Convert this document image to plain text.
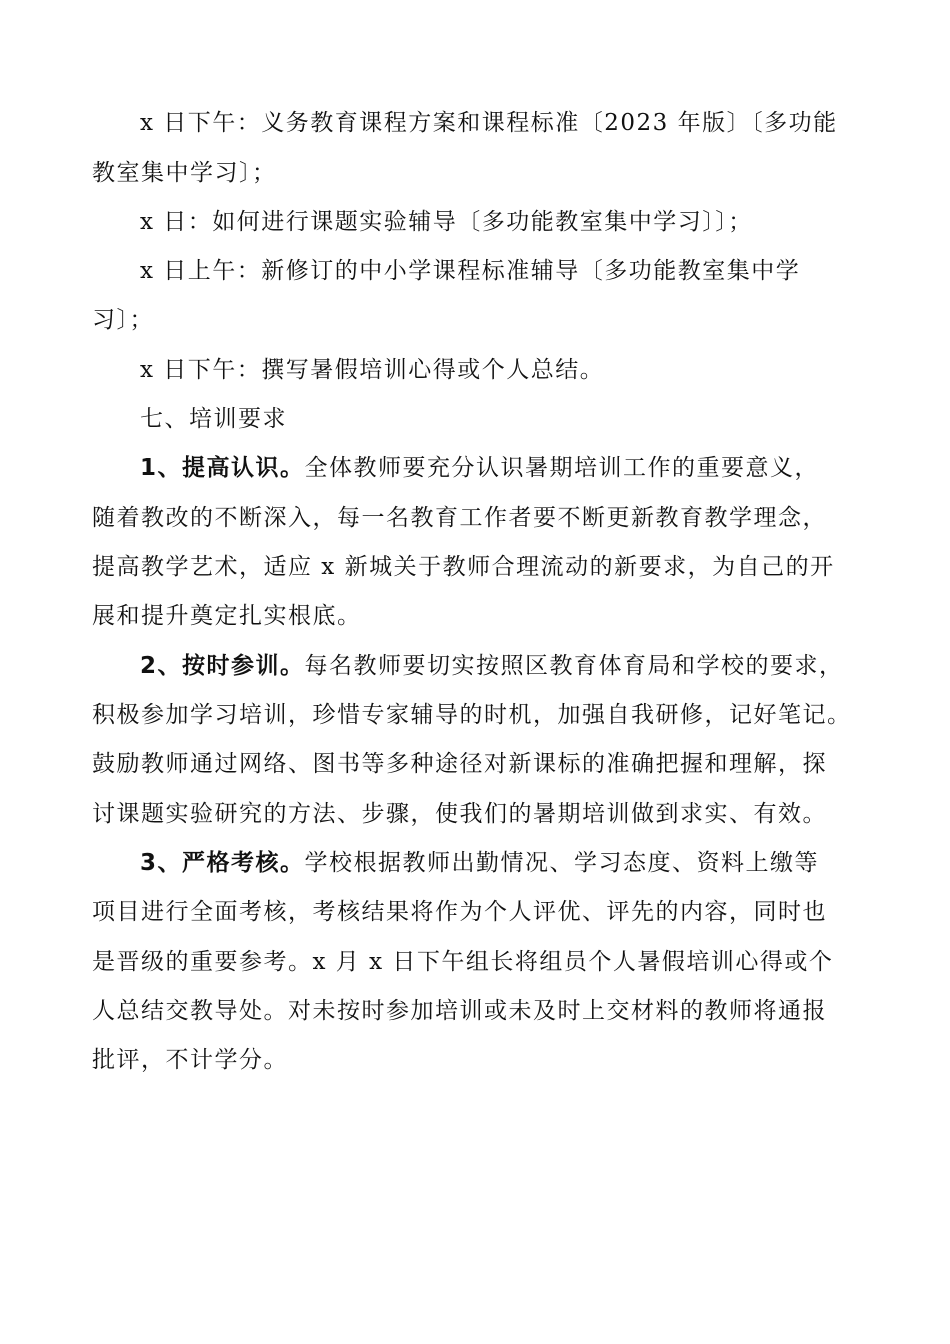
x 日下午：义务教育课程方案和课程标准〔2023 年版〕〔多功能
教室集中学习〕；
x 日：如何进行课题实验辅导〔多功能教室集中学习〕〕；
x 日上午：新修订的中小学课程标准辅导〔多功能教室集中学
习〕；
x 日下午：撰写暑假培训心得或个人总结。
七、培训要求
1、提高认识。全体教师要充分认识暑期培训工作的重要意义，
随着教改的不断深入，每一名教育工作者要不断更新教育教学理念，
提高教学艺术，适应 x 新城关于教师合理流动的新要求，为自己的开
展和提升奠定扎实根底。
2、按时参训。每名教师要切实按照区教育体育局和学校的要求，
积极参加学习培训，珍惜专家辅导的时机，加强自我研修，记好笔记。
鼓励教师通过网络、图书等多种途径对新课标的准确把握和理解，探
讨课题实验研究的方法、步骤，使我们的暑期培训做到求实、有效。
3、严格考核。学校根据教师出勤情况、学习态度、资料上缴等
项目进行全面考核，考核结果将作为个人评优、评先的内容，同时也
是晋级的重要参考。x 月 x 日下午组长将组员个人暑假培训心得或个
人总结交教导处。对未按时参加培训或未及时上交材料的教师将通报
批评，不计学分。
